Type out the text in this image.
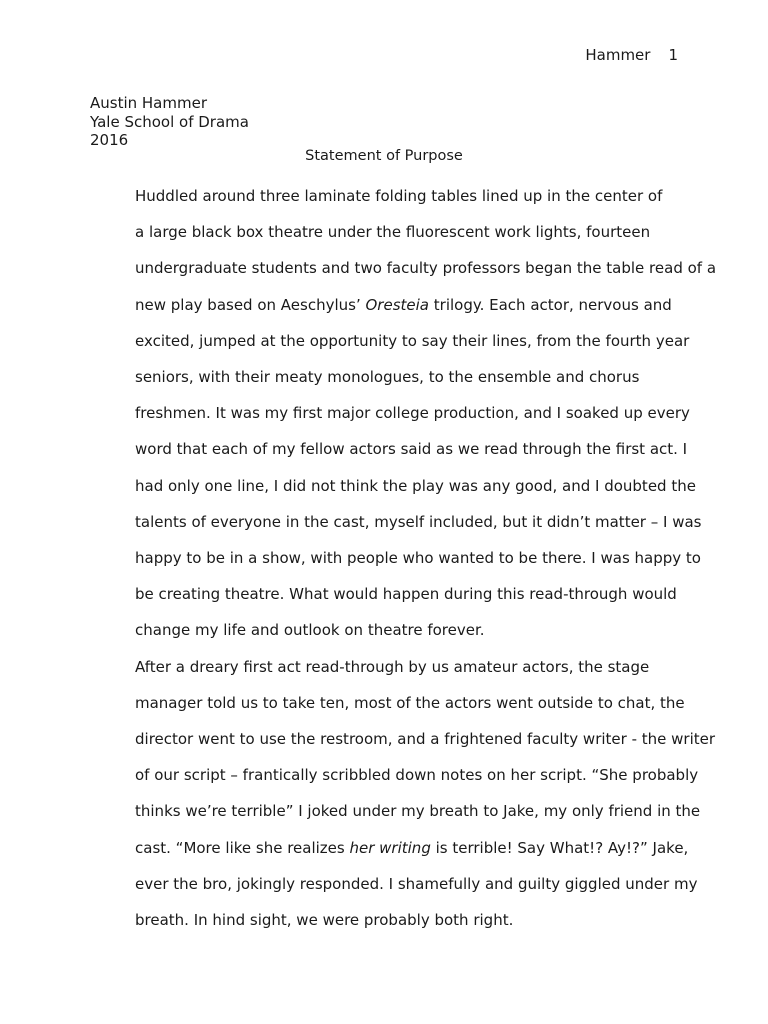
Hammer 1
Austin Hammer
Yale School of Drama
2016
Statement of Purpose

Huddled around three laminate folding tables lined up in the center of
a large black box theatre under the fluorescent work lights, fourteen
undergraduate students and two faculty professors began the table read of a
new play based on Aeschylus’ Oresteia trilogy. Each actor, nervous and
excited, jumped at the opportunity to say their lines, from the fourth year
seniors, with their meaty monologues, to the ensemble and chorus
freshmen. It was my first major college production, and I soaked up every
word that each of my fellow actors said as we read through the first act. I
had only one line, I did not think the play was any good, and I doubted the
talents of everyone in the cast, myself included, but it didn’t matter – I was
happy to be in a show, with people who wanted to be there. I was happy to
be creating theatre. What would happen during this read-through would
change my life and outlook on theatre forever.

After a dreary first act read-through by us amateur actors, the stage
manager told us to take ten, most of the actors went outside to chat, the
director went to use the restroom, and a frightened faculty writer - the writer
of our script – frantically scribbled down notes on her script. “She probably
thinks we’re terrible” I joked under my breath to Jake, my only friend in the
cast. “More like she realizes her writing is terrible! Say What!? Ay!?” Jake,
ever the bro, jokingly responded. I shamefully and guilty giggled under my
breath. In hind sight, we were probably both right.
